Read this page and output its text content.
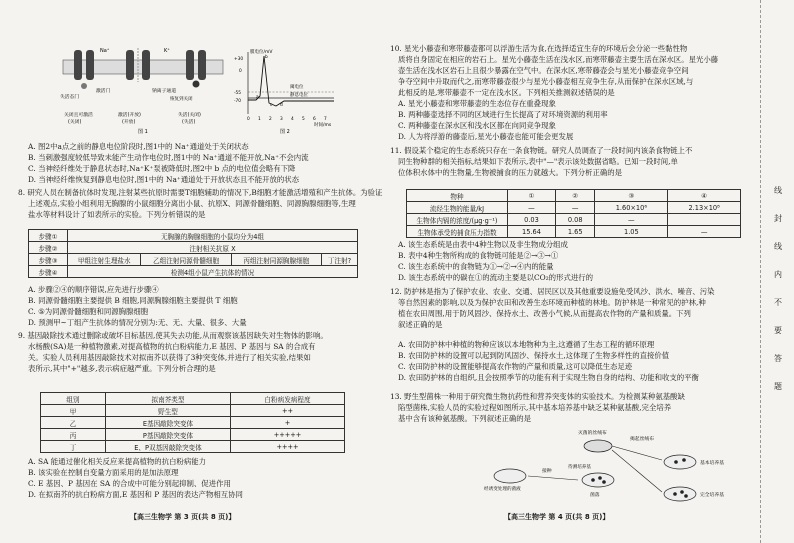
Na⁺	K⁺
失活态门
激活门	钠离子通道
恢复到关闭
关闭且可激活
(关闭)
激活(开放)
(开放)
失活(关闭)
(失活)
图 1
膜电位/mV
+30
0
-55
-70
a
b
c d
阈电位
静息电位
0 1 2 3 4 5 6 7
时间/ms
图 2
A. 图2中a点之前的静息电位阶段时,图1中的 Na⁺通道处于关闭状态
B. 当刺激强度较低导致未能产生动作电位时,图1中的 Na⁺通道不能开放,Na⁺不会内流
C. 当神经纤维处于静息状态时,Na⁺K⁺泵被降低时,图2中 b 点的电位值会略有下降
D. 当神经纤维恢复到静息电位时,图1中的 Na⁺通道处于开放状态且不能开放的状态
8. 研究人员在制备抗体时发现,注射某些抗原时需要T细胞辅助的情况下,B细胞才能激活增殖和产生抗体。为验证
上述观点,实验小组利用无胸腺的小鼠细胞分离出小鼠、抗原X、同源骨髓细胞、同源胸腺细胞等,生理
盐水等材料设计了如表所示的实验。下列分析错误的是
步骤①	无胸腺的胸腺细胞的小鼠均分为4组			
步骤②	注射相关抗原 X			
步骤③	甲组注射生理盐水	乙组注射同源骨髓细胞	丙组注射同源胸腺细胞	丁注射?
步骤④	检测4组小鼠产生抗体的情况			
A. 步骤②④的顺序错误,应先进行步骤④
B. 同源骨髓细胞主要提供 B 细胞,同源胸腺细胞主要提供 T 细胞
C. ⑤为同源骨髓细胞和同源胸腺细胞
D. 预测甲~丁组产生抗体的情况分别为:无、无、大量、很多、大量
9. 基因敲除技术通过删除或破坏目标基因,使其失去功能,从而观察该基因缺失对生物体的影响。
水杨酸(SA)是一种植物激素,对提高植物的抗白粉病能力,E 基因、P 基因与 SA 的合成有
关。实验人员利用基因敲除技术对拟南芥以获得了3种突变体,并进行了相关实验,结果如
表所示,其中"+"越多,表示病症越严重。下列分析合理的是
组别	拟南芥类型	白粉病发病程度
甲	野生型	++
乙	E基因敲除突变体	+
丙	P基因敲除突变体	+++++
丁	E、P双基因敲除突变体	++++
A. SA 能通过催化相关反应来提高植物的抗白粉病能力
B. 该实验在控制自变量方面采用的是加法原理
C. E 基因、P 基因在 SA 的合成中可能分别起抑制、促进作用
D. 在拟南芥的抗白粉病方面,E 基因和 P 基因的表达产物相互协同
【高三生物学 第 3 页(共 8 页)】
10. 星光小藤壶和寒带藤壶都可以浮游生活为食,在选择适宜生存的环境后会分泌一些黏性物
质将自身固定在相应的岩石上。星光小藤壶生活在浅水区,而寒带藤壶主要生活在深水区。星光小藤
壶生活在浅水区岩石上且很少暴露在空气中。在深水区,寒带藤壶会与星光小藤壶竞争空间
争夺空间中升取而代之,而寒带藤壶很少与星光小藤壶相互竞争生存,从而保护在深水区域,与
此相反的是,寒带藤壶不一定在浅水区。下列相关推测叙述错误的是
A. 星光小藤壶和寒带藤壶的生态位存在重叠现象
B. 两种藤壶选择不同的区域进行生长提高了对环境资源的利用率
C. 两种藤壶在深水区和浅水区都在向同竞争现象
D. 人为将浮游的藤壶后,星光小藤壶也能可能会更发展
11. 假设某个稳定的生态系统只存在一条食物链。研究人员调查了一段时间内该条食物链上不
同生物种群的相关指标,结果如下表所示,表中"—"表示该处数据省略。已知一段时间,单
位体积水体中的生物量,生物被捕食的压力就越大。下列分析正确的是
物种	①	②	③	④
流经生物的能量/kJ	—	—	1.60×10⁶	2.13×10⁸
生物体内镉的浓度/(μg·g⁻¹)	0.03	0.08	—	
生物体承受的捕食压力指数	15.64	1.65	1.05	—
A. 该生态系统是由表中4种生物以及非生物成分组成
B. 表中4种生物所构成的食物链可能是②→③→①
C. 该生态系统中的食物链为①→②→④内的能量
D. 该生态系统中的碳在①的流动主要是以CO₂的形式进行的
12. 防护林是指为了保护农业、农业、交通、居民区以及其他重要设施免受风沙、洪水、噪音、污染
等自然因素的影响,以及为保护农田和改善生态环境而种植的林地。防护林是一种常见的护林,种
植在农田周围,用于防风固沙、保持水土、改善小气候,从而提高农作物的产量和质量。下列
叙述正确的是
A. 农田防护林中种植的物种应该以本地物种为主,这遵循了生态工程的循环原理
B. 农田防护林的设置可以起到防风固沙、保持水土,这体现了生物多样性的直接价值
C. 农田防护林的设置能够提高农作物的产量和质量,这可以降低生态足迹
D. 农田防护林的自组织,且会按照季节的功能有利于实现生物自身的结构、功能和收支的平衡
13. 野生型菌株一种用于研究微生物抗药性和营养突变体的实验技术。为检测某种氨基酸缺
陷型菌株,实验人员的实验过程如图所示,其中基本培养基中缺乏某种氨基酸,完全培养
基中含有该种氨基酸。下列叙述正确的是
灭菌的丝绒布
接种
揭起丝绒布
菌落
基本培养基
完全培养基
经诱变处理的菌液
待测培养基
【高三生物学 第 4 页(共 8 页)】
线
封
线
内
不
要
答
题
